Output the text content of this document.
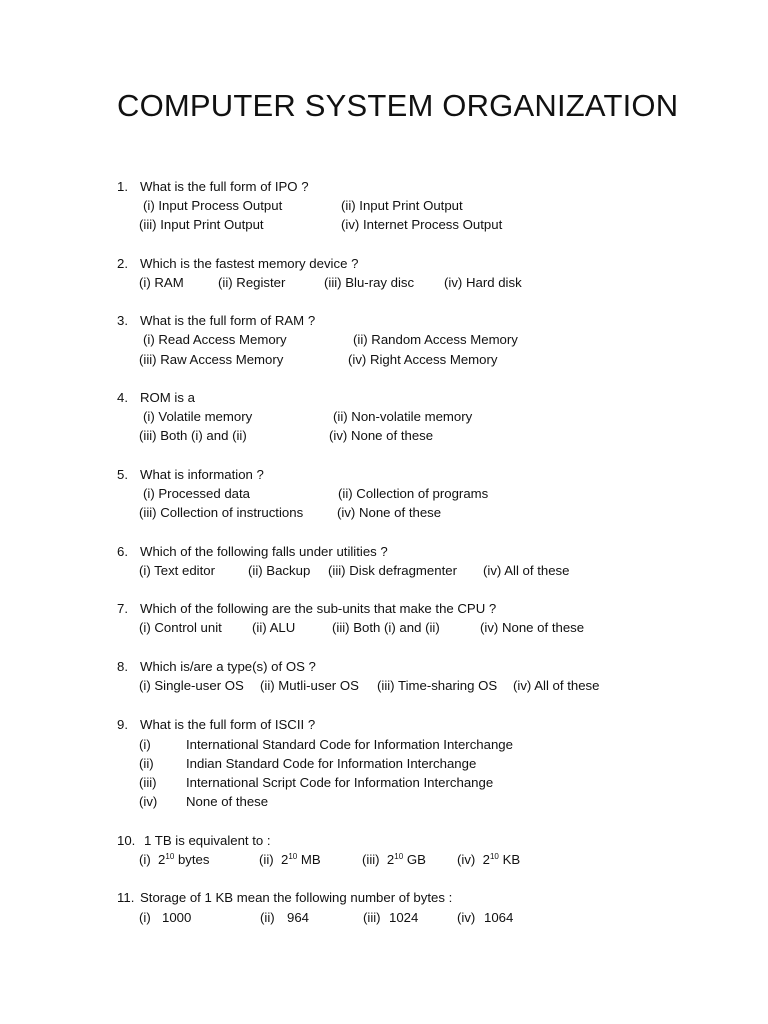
COMPUTER SYSTEM ORGANIZATION
1. What is the full form of IPO ?
(i) Input Process Output	(ii) Input Print Output
(iii) Input Print Output	(iv) Internet Process Output
2. Which is the fastest memory device ?
(i) RAM	(ii) Register	(iii) Blu-ray disc (iv) Hard disk
3. What is the full form of RAM ?
(i) Read Access Memory	(ii) Random Access Memory
(iii) Raw Access Memory	(iv) Right Access Memory
4. ROM is a
(i) Volatile memory	(ii) Non-volatile memory
(iii) Both (i) and (ii)	(iv) None of these
5. What is information ?
(i) Processed data	(ii) Collection of programs
(iii) Collection of instructions	(iv) None of these
6. Which of the following falls under utilities ?
(i) Text editor	(ii) Backup (iii) Disk defragmenter (iv) All of these
7. Which of the following are the sub-units that make the CPU ?
(i) Control unit (ii) ALU	(iii) Both (i) and (ii)	(iv) None of these
8. Which is/are a type(s) of OS ?
(i) Single-user OS (ii) Mutli-user OS (iii) Time-sharing OS (iv) All of these
9. What is the full form of ISCII ?
(i)	International Standard Code for Information Interchange
(ii) Indian Standard Code for Information Interchange
(iii) International Script Code for Information Interchange
(iv) None of these
10. 1 TB is equivalent to :
(i) $2^{10}$ bytes	(ii) $2^{10}$ MB	(iii) $2^{10}$ GB (iv) $2^{10}$ KB
11. Storage of 1 KB mean the following number of bytes :
(i) 1000	(ii) 964	(iii) 1024	(iv) 1064
